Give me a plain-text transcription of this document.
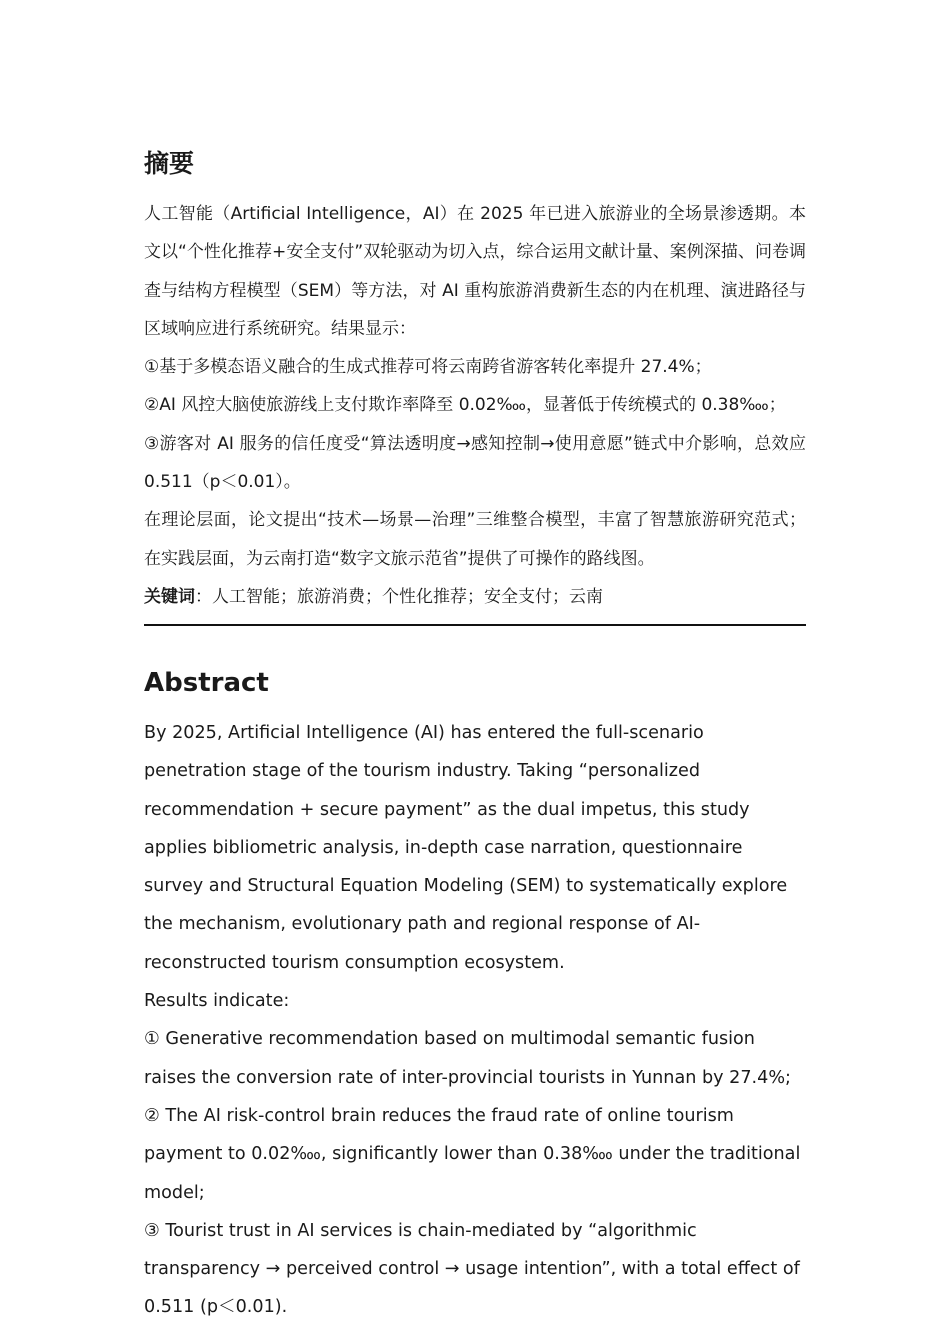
摘要

人工智能（Artificial Intelligence，AI）在 2025 年已进入旅游业的全场景渗透期。本文以“个性化推荐+安全支付”双轮驱动为切入点，综合运用文献计量、案例深描、问卷调查与结构方程模型（SEM）等方法，对 AI 重构旅游消费新生态的内在机理、演进路径与区域响应进行系统研究。结果显示：

①基于多模态语义融合的生成式推荐可将云南跨省游客转化率提升 27.4%；

②AI 风控大脑使旅游线上支付欺诈率降至 0.02‱，显著低于传统模式的 0.38‱；

③游客对 AI 服务的信任度受“算法透明度→感知控制→使用意愿”链式中介影响，总效应 0.511（p＜0.01）。

在理论层面，论文提出“技术—场景—治理”三维整合模型，丰富了智慧旅游研究范式；在实践层面，为云南打造“数字文旅示范省”提供了可操作的路线图。

关键词：人工智能；旅游消费；个性化推荐；安全支付；云南

Abstract

By 2025, Artificial Intelligence (AI) has entered the full-scenario penetration stage of the tourism industry. Taking “personalized recommendation + secure payment” as the dual impetus, this study applies bibliometric analysis, in-depth case narration, questionnaire survey and Structural Equation Modeling (SEM) to systematically explore the mechanism, evolutionary path and regional response of AI-reconstructed tourism consumption ecosystem.

Results indicate:

① Generative recommendation based on multimodal semantic fusion raises the conversion rate of inter-provincial tourists in Yunnan by 27.4%;

② The AI risk-control brain reduces the fraud rate of online tourism payment to 0.02‱, significantly lower than 0.38‱ under the traditional model;

③ Tourist trust in AI services is chain-mediated by “algorithmic transparency → perceived control → usage intention”, with a total effect of 0.511 (p＜0.01).
